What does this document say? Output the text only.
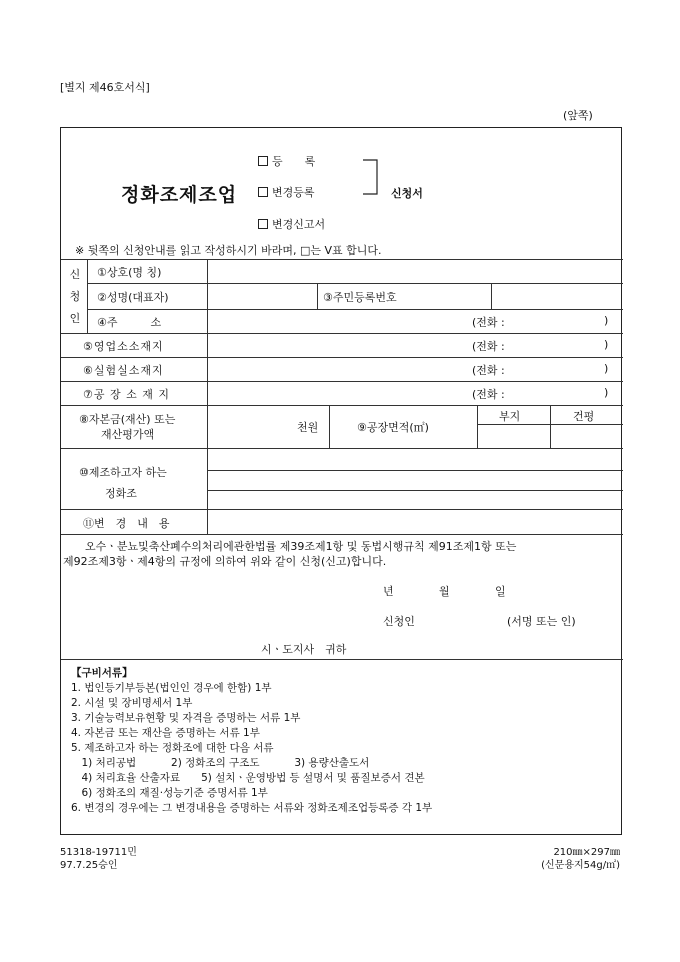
[별지 제46호서식]
(앞쪽)
정화조제조업
등　　록
변경등록
변경신고서
신청서
※ 뒷쪽의 신청안내를 읽고 작성하시기 바라며, □는 V표 합니다.
신
청
인
①상호(명 칭)
②성명(대표자)	③주민등록번호
④주　　　소	(전화 :	)
⑤영업소소재지	(전화 :	)
⑥실험실소재지	(전화 :	)
⑦공 장 소 재 지	(전화 :	)
⑧자본금(재산) 또는
재산평가액
천원	⑨공장면적(㎡)
부지	건평
⑩제조하고자 하는
정화조
⑪변　경　내　용
오수ㆍ분뇨및축산폐수의처리에관한법률 제39조제1항 및 동법시행규칙 제91조제1항 또는
제92조제3항ㆍ제4항의 규정에 의하여 위와 같이 신청(신고)합니다.
년	월	일
신청인	(서명 또는 인)
시ㆍ도지사　귀하
【구비서류】
1. 법인등기부등본(법인인 경우에 한함) 1부
2. 시설 및 장비명세서 1부
3. 기술능력보유현황 및 자격을 증명하는 서류 1부
4. 자본금 또는 재산을 증명하는 서류 1부
5. 제조하고자 하는 정화조에 대한 다음 서류
　1) 처리공법　　　 2) 정화조의 구조도　　　 3) 용량산출도서
　4) 처리효율 산출자료　　5) 설치ㆍ운영방법 등 설명서 및 품질보증서 견본
　6) 정화조의 재질·성능기준 증명서류 1부
6. 변경의 경우에는 그 변경내용을 증명하는 서류와 정화조제조업등록증 각 1부
51318-19711민
97.7.25승인
210㎜×297㎜
(신문용지54g/㎡)
